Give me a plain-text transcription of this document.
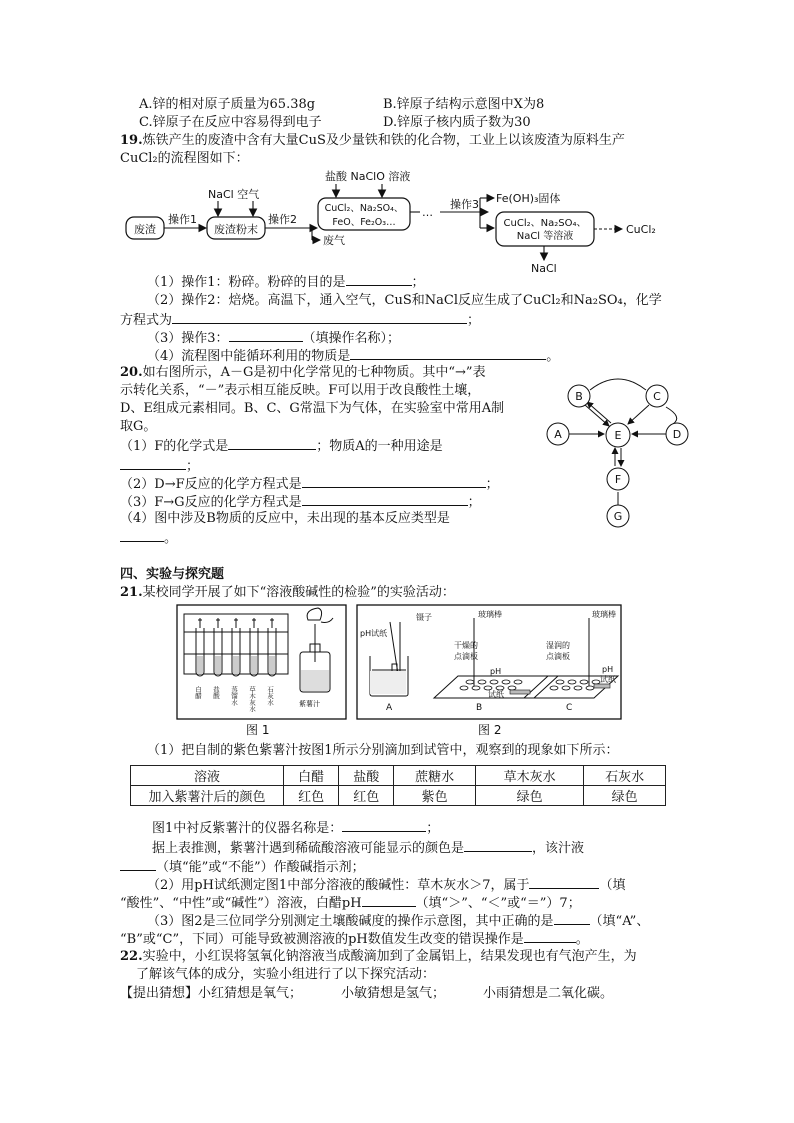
A.锌的相对原子质量为65.38g	B.锌原子结构示意图中X为8
C.锌原子在反应中容易得到电子	D.锌原子核内质子数为30
19.炼铁产生的废渣中含有大量CuS及少量铁和铁的化合物，工业上以该废渣为原料生产
CuCl₂的流程图如下：
废渣
操作1
废渣粉末
NaCl 空气
操作2
CuCl₂、Na₂SO₄、
FeO、Fe₂O₃…
盐酸 NaClO 溶液
废气
…
操作3 Fe(OH)₃固体
CuCl₂、Na₂SO₄、
NaCl 等溶液
CuCl₂
NaCl
（1）操作1：粉碎。粉碎的目的是	；
（2）操作2：焙烧。高温下，通入空气，CuS和NaCl反应生成了CuCl₂和Na₂SO₄，化学
方程式为	；
（3）操作3：	（填操作名称）；
（4）流程图中能循环利用的物质是	。
20.如右图所示，A－G是初中化学常见的七种物质。其中“→”表
示转化关系，“－”表示相互能反映。F可以用于改良酸性土壤，
D、E组成元素相同。B、C、G常温下为气体，在实验室中常用A制
取G。
（1）F的化学式是	；物质A的一种用途是
；
（2）D→F反应的化学方程式是	；
（3）F→G反应的化学方程式是	；
（4）图中涉及B物质的反应中，未出现的基本反应类型是
。
A
B	C
D
E
F
G
四、实验与探究题
21.某校同学开展了如下“溶液酸碱性的检验”的实验活动：
白醋 盐酸 蒸馏水 草木灰水 石灰水	紫薯汁
图 1
pH试纸
镊子	玻璃棒	玻璃棒
干燥的
点滴板
湿润的
点滴板
pH
试纸
pH
试纸
A	B	C
图 2
（1）把自制的紫色紫薯汁按图1所示分别滴加到试管中，观察到的现象如下所示：
溶液	白醋	盐酸	蔗糖水	草木灰水	石灰水
加入紫薯汁后的颜色	红色	红色	紫色	绿色	绿色
图1中衬反紫薯汁的仪器名称是：	；
据上表推测，紫薯汁遇到稀硫酸溶液可能显示的颜色是	，该汁液
（填“能”或“不能”）作酸碱指示剂；
（2）用pH试纸测定图1中部分溶液的酸碱性：草木灰水＞7，属于	（填
“酸性”、“中性”或“碱性”）溶液，白醋pH	（填“＞”、“＜”或“＝”）7；
（3）图2是三位同学分别测定土壤酸碱度的操作示意图，其中正确的是	（填“A”、
“B”或“C”，下同）可能导致被测溶液的pH数值发生改变的错误操作是	。
22.实验中，小红误将氢氧化钠溶液当成酸滴加到了金属铝上，结果发现也有气泡产生，为
了解该气体的成分，实验小组进行了以下探究活动：
【提出猜想】小红猜想是氧气；	小敏猜想是氢气；	小雨猜想是二氧化碳。
